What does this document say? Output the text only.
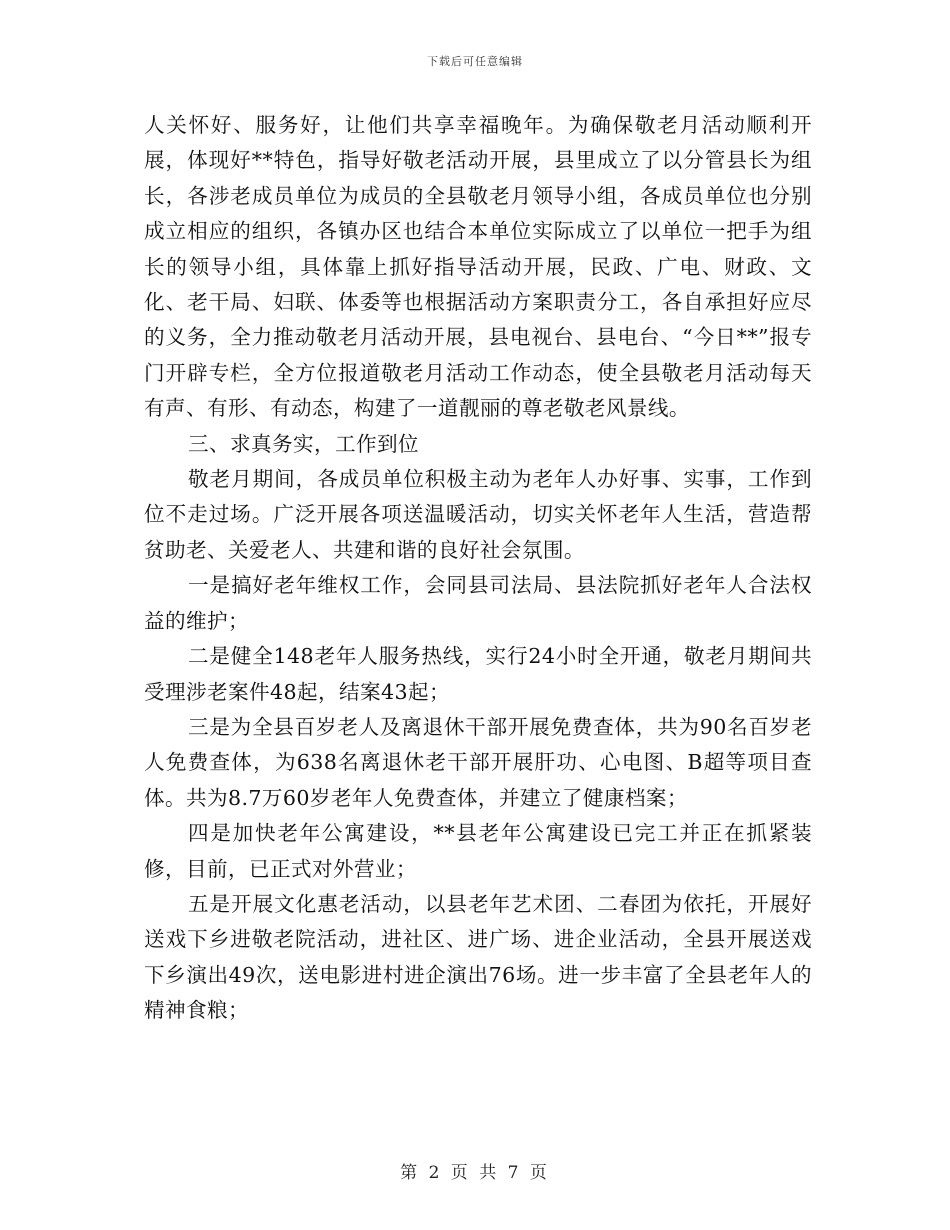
下载后可任意编辑

人关怀好、服务好，让他们共享幸福晚年。为确保敬老月活动顺利开展，体现好**特色，指导好敬老活动开展，县里成立了以分管县长为组长，各涉老成员单位为成员的全县敬老月领导小组，各成员单位也分别成立相应的组织，各镇办区也结合本单位实际成立了以单位一把手为组长的领导小组，具体靠上抓好指导活动开展，民政、广电、财政、文化、老干局、妇联、体委等也根据活动方案职责分工，各自承担好应尽的义务，全力推动敬老月活动开展，县电视台、县电台、“今日**”报专门开辟专栏，全方位报道敬老月活动工作动态，使全县敬老月活动每天有声、有形、有动态，构建了一道靓丽的尊老敬老风景线。

三、求真务实，工作到位

敬老月期间，各成员单位积极主动为老年人办好事、实事，工作到位不走过场。广泛开展各项送温暖活动，切实关怀老年人生活，营造帮贫助老、关爱老人、共建和谐的良好社会氛围。

一是搞好老年维权工作，会同县司法局、县法院抓好老年人合法权益的维护；

二是健全148老年人服务热线，实行24小时全开通，敬老月期间共受理涉老案件48起，结案43起；

三是为全县百岁老人及离退休干部开展免费查体，共为90名百岁老人免费查体，为638名离退休老干部开展肝功、心电图、B超等项目查体。共为8.7万60岁老年人免费查体，并建立了健康档案；

四是加快老年公寓建设，**县老年公寓建设已完工并正在抓紧装修，目前，已正式对外营业；

五是开展文化惠老活动，以县老年艺术团、二春团为依托，开展好送戏下乡进敬老院活动，进社区、进广场、进企业活动，全县开展送戏下乡演出49次，送电影进村进企演出76场。进一步丰富了全县老年人的精神食粮；

第 2 页 共 7 页
